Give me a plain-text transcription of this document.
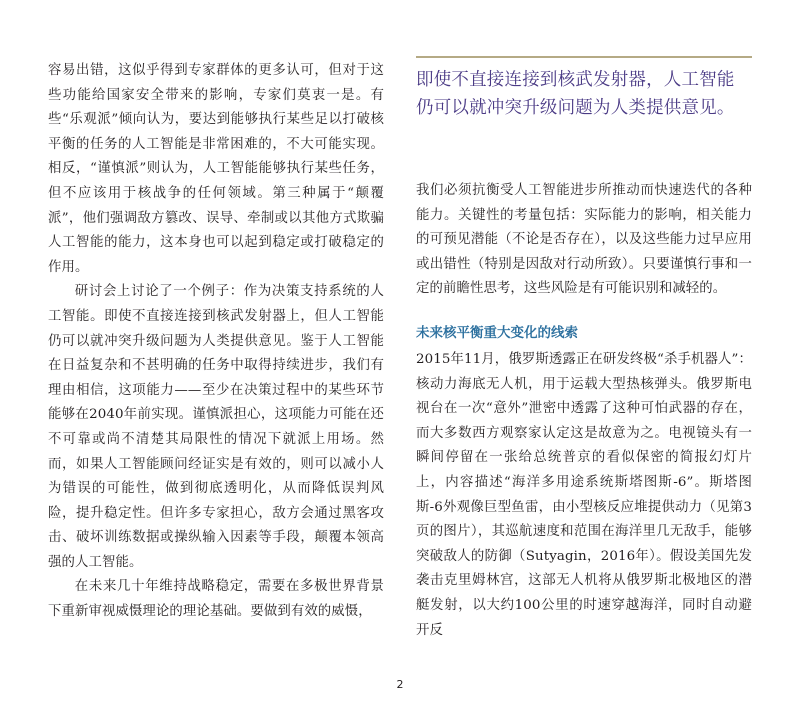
容易出错，这似乎得到专家群体的更多认可，但对于这些功能给国家安全带来的影响，专家们莫衷一是。有些“乐观派”倾向认为，要达到能够执行某些足以打破核平衡的任务的人工智能是非常困难的，不大可能实现。相反，“谨慎派”则认为，人工智能能够执行某些任务，但不应该用于核战争的任何领域。第三种属于“颠覆派”，他们强调敌方篡改、误导、牵制或以其他方式欺骗人工智能的能力，这本身也可以起到稳定或打破稳定的作用。

研讨会上讨论了一个例子：作为决策支持系统的人工智能。即使不直接连接到核武发射器上，但人工智能仍可以就冲突升级问题为人类提供意见。鉴于人工智能在日益复杂和不甚明确的任务中取得持续进步，我们有理由相信，这项能力——至少在决策过程中的某些环节能够在2040年前实现。谨慎派担心，这项能力可能在还不可靠或尚不清楚其局限性的情况下就派上用场。然而，如果人工智能顾问经证实是有效的，则可以减小人为错误的可能性，做到彻底透明化，从而降低误判风险，提升稳定性。但许多专家担心，敌方会通过黑客攻击、破坏训练数据或操纵输入因素等手段，颠覆本领高强的人工智能。

在未来几十年维持战略稳定，需要在多极世界背景下重新审视威慑理论的理论基础。要做到有效的威慑，

即使不直接连接到核武发射器，人工智能仍可以就冲突升级问题为人类提供意见。

我们必须抗衡受人工智能进步所推动而快速迭代的各种能力。关键性的考量包括：实际能力的影响，相关能力的可预见潜能（不论是否存在），以及这些能力过早应用或出错性（特别是因敌对行动所致）。只要谨慎行事和一定的前瞻性思考，这些风险是有可能识别和减轻的。

未来核平衡重大变化的线索

2015年11月，俄罗斯透露正在研发终极“杀手机器人”：核动力海底无人机，用于运载大型热核弹头。俄罗斯电视台在一次“意外”泄密中透露了这种可怕武器的存在，而大多数西方观察家认定这是故意为之。电视镜头有一瞬间停留在一张给总统普京的看似保密的简报幻灯片上，内容描述“海洋多用途系统斯塔图斯-6”。斯塔图斯-6外观像巨型鱼雷，由小型核反应堆提供动力（见第3页的图片），其巡航速度和范围在海洋里几无敌手，能够突破敌人的防御（Sutyagin，2016年）。假设美国先发袭击克里姆林宫，这部无人机将从俄罗斯北极地区的潜艇发射，以大约100公里的时速穿越海洋，同时自动避开反

2
